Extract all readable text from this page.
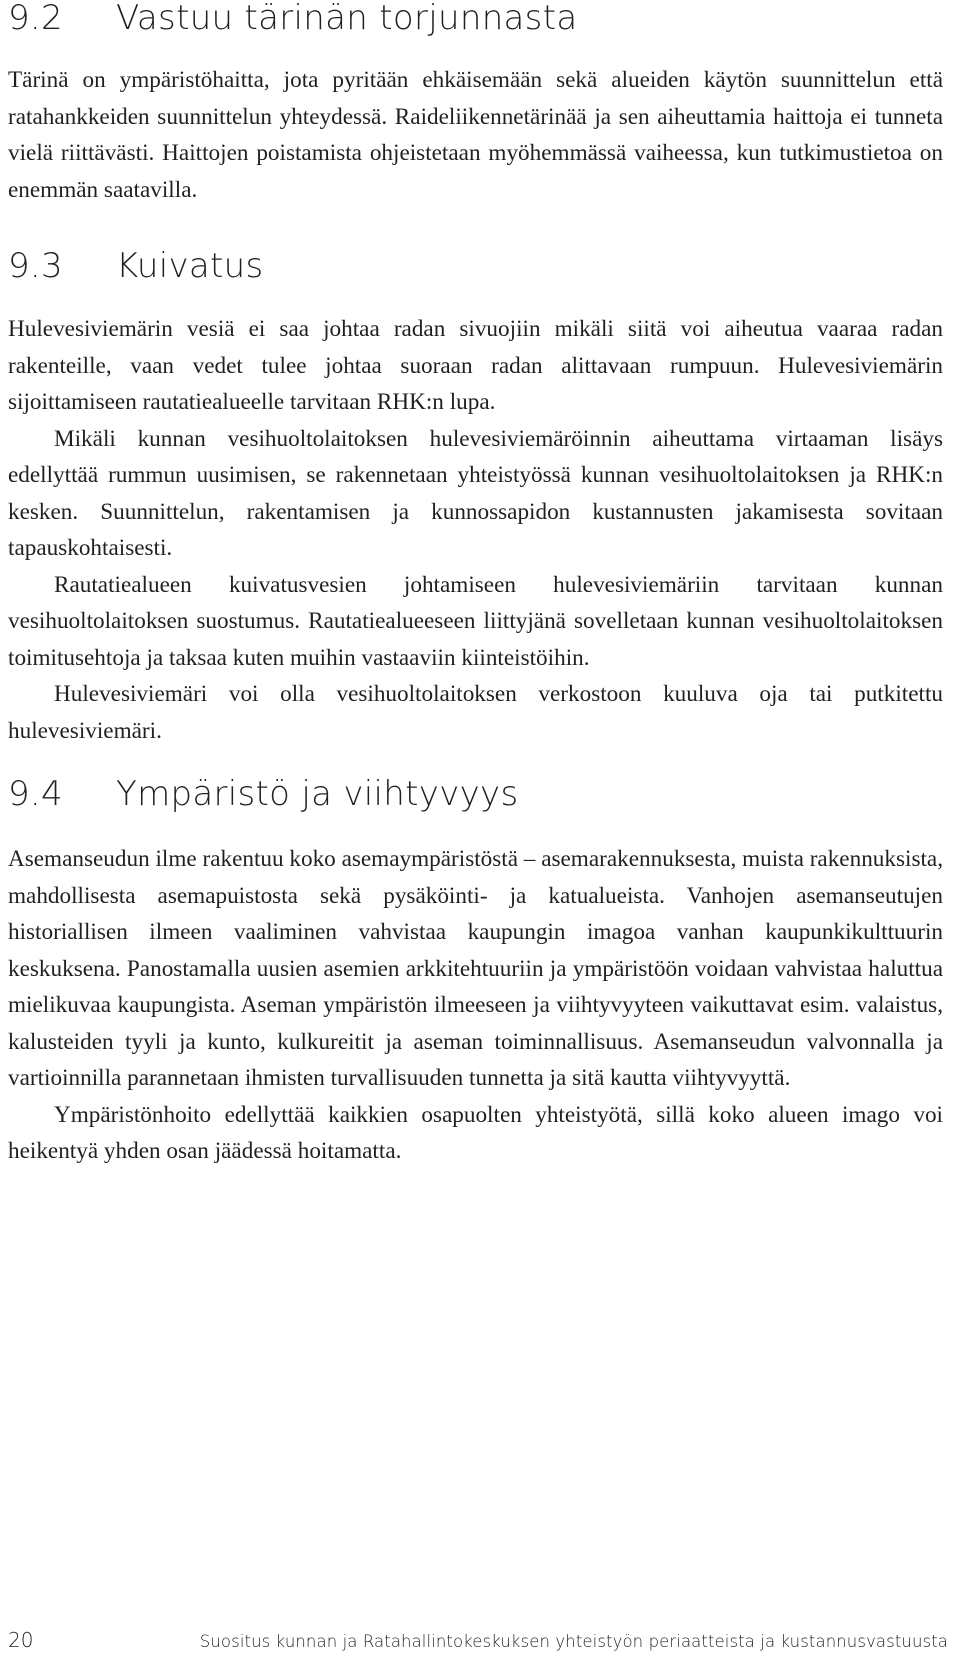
9.2 Vastuu tärinän torjunnasta

Tärinä on ympäristöhaitta, jota pyritään ehkäisemään sekä alueiden käytön suunnittelun että ratahankkeiden suunnittelun yhteydessä. Raideliikennetärinää ja sen aiheuttamia haittoja ei tunneta vielä riittävästi. Haittojen poistamista ohjeistetaan myöhemmässä vaiheessa, kun tutkimustietoa on enemmän saatavilla.

9.3 Kuivatus

Hulevesiviemärin vesiä ei saa johtaa radan sivuojiin mikäli siitä voi aiheutua vaaraa radan rakenteille, vaan vedet tulee johtaa suoraan radan alittavaan rumpuun. Hulevesiviemärin sijoittamiseen rautatiealueelle tarvitaan RHK:n lupa.

Mikäli kunnan vesihuoltolaitoksen hulevesiviemäröinnin aiheuttama virtaaman lisäys edellyttää rummun uusimisen, se rakennetaan yhteistyössä kunnan vesihuoltolaitoksen ja RHK:n kesken. Suunnittelun, rakentamisen ja kunnossapidon kustannusten jakamisesta sovitaan tapauskohtaisesti.

Rautatiealueen kuivatusvesien johtamiseen hulevesiviemäriin tarvitaan kunnan vesihuoltolaitoksen suostumus. Rautatiealueeseen liittyjänä sovelletaan kunnan vesihuoltolaitoksen toimitusehtoja ja taksaa kuten muihin vastaaviin kiinteistöihin.

Hulevesiviemäri voi olla vesihuoltolaitoksen verkostoon kuuluva oja tai putkitettu hulevesiviemäri.

9.4 Ympäristö ja viihtyvyys

Asemanseudun ilme rakentuu koko asemaympäristöstä – asemarakennuksesta, muista rakennuksista, mahdollisesta asemapuistosta sekä pysäköinti- ja katualueista. Vanhojen asemanseutujen historiallisen ilmeen vaaliminen vahvistaa kaupungin imagoa vanhan kaupunkikulttuurin keskuksena. Panostamalla uusien asemien arkkitehtuuriin ja ympäristöön voidaan vahvistaa haluttua mielikuvaa kaupungista. Aseman ympäristön ilmeeseen ja viihtyvyyteen vaikuttavat esim. valaistus, kalusteiden tyyli ja kunto, kulkureitit ja aseman toiminnallisuus. Asemanseudun valvonnalla ja vartioinnilla parannetaan ihmisten turvallisuuden tunnetta ja sitä kautta viihtyvyyttä.

Ympäristönhoito edellyttää kaikkien osapuolten yhteistyötä, sillä koko alueen imago voi heikentyä yhden osan jäädessä hoitamatta.

20	Suositus kunnan ja Ratahallintokeskuksen yhteistyön periaatteista ja kustannusvastuusta
